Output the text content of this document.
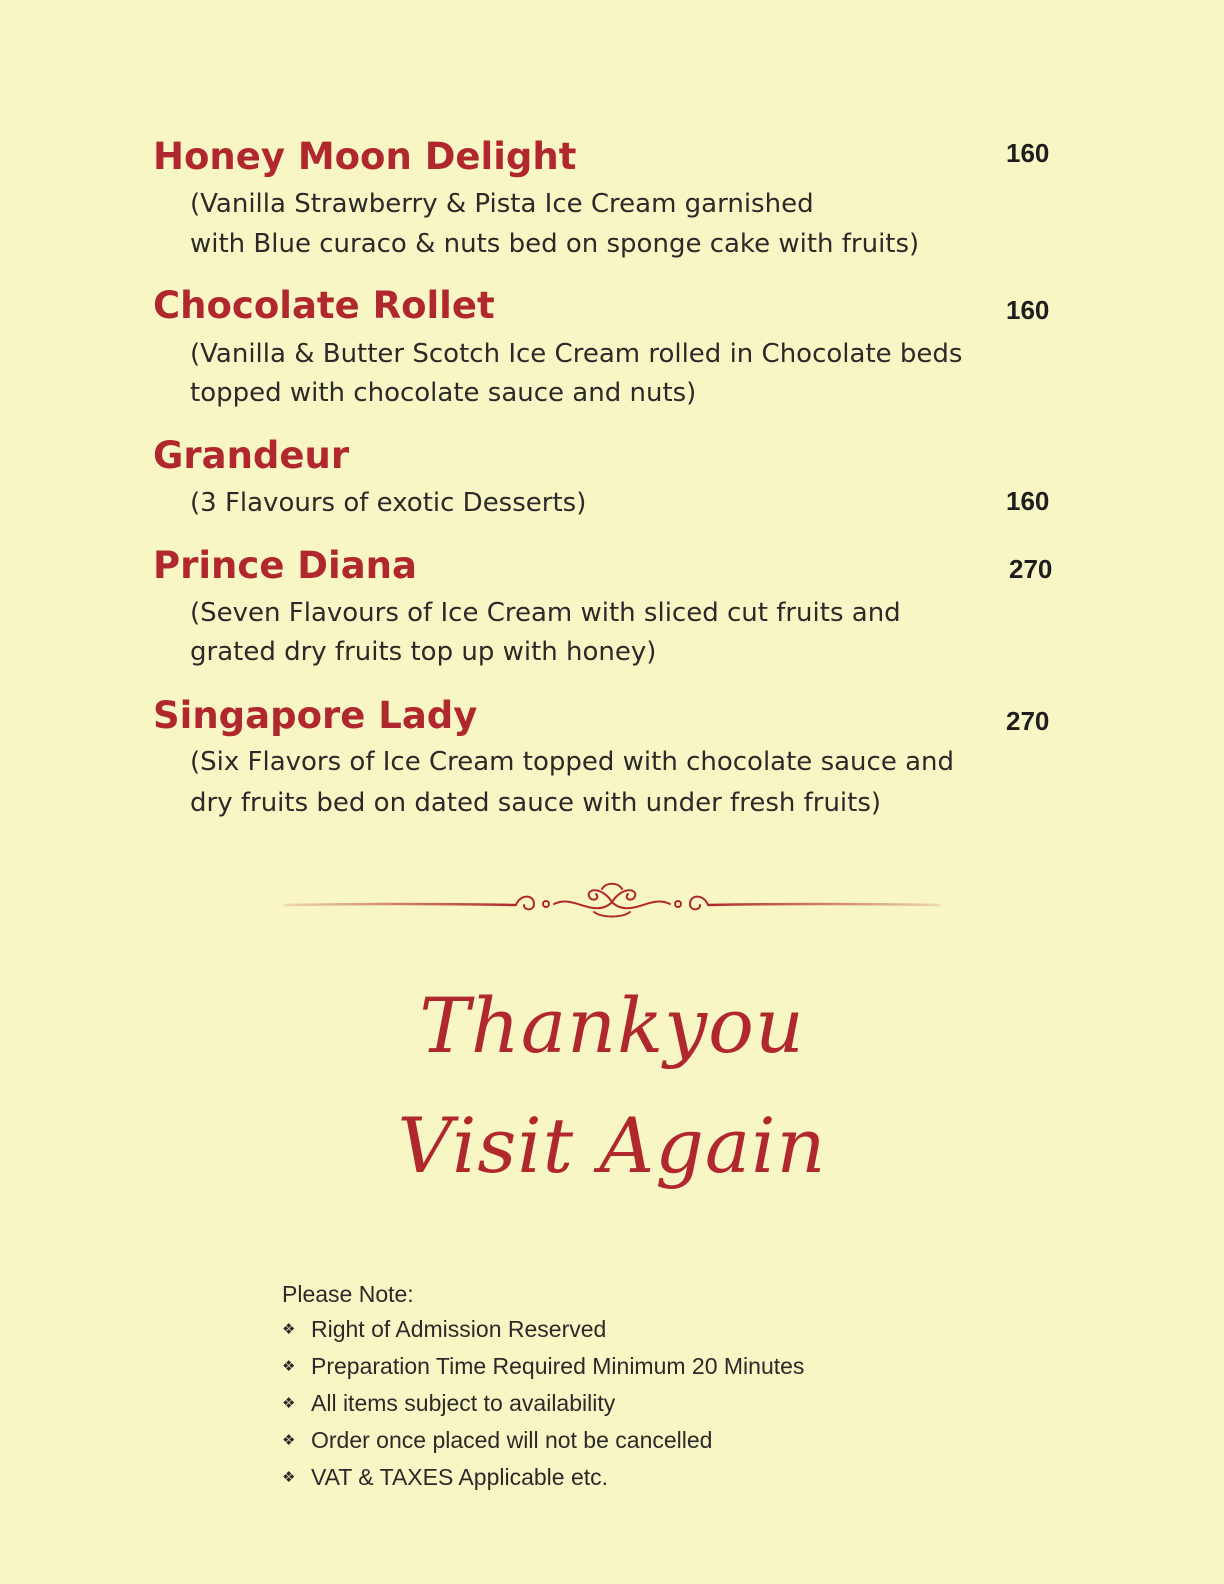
Honey Moon Delight	160
(Vanilla Strawberry & Pista Ice Cream garnished
with Blue curaco & nuts bed on sponge cake with fruits)
Chocolate Rollet	160
(Vanilla & Butter Scotch Ice Cream rolled in Chocolate beds
topped with chocolate sauce and nuts)
Grandeur
(3 Flavours of exotic Desserts)	160
Prince Diana	270
(Seven Flavours of Ice Cream with sliced cut fruits and
grated dry fruits top up with honey)
Singapore Lady	270
(Six Flavors of Ice Cream topped with chocolate sauce and
dry fruits bed on dated sauce with under fresh fruits)
Thankyou
Visit Again
Please Note:
❖ Right of Admission Reserved
❖ Preparation Time Required Minimum 20 Minutes
❖ All items subject to availability
❖ Order once placed will not be cancelled
❖ VAT & TAXES Applicable etc.
